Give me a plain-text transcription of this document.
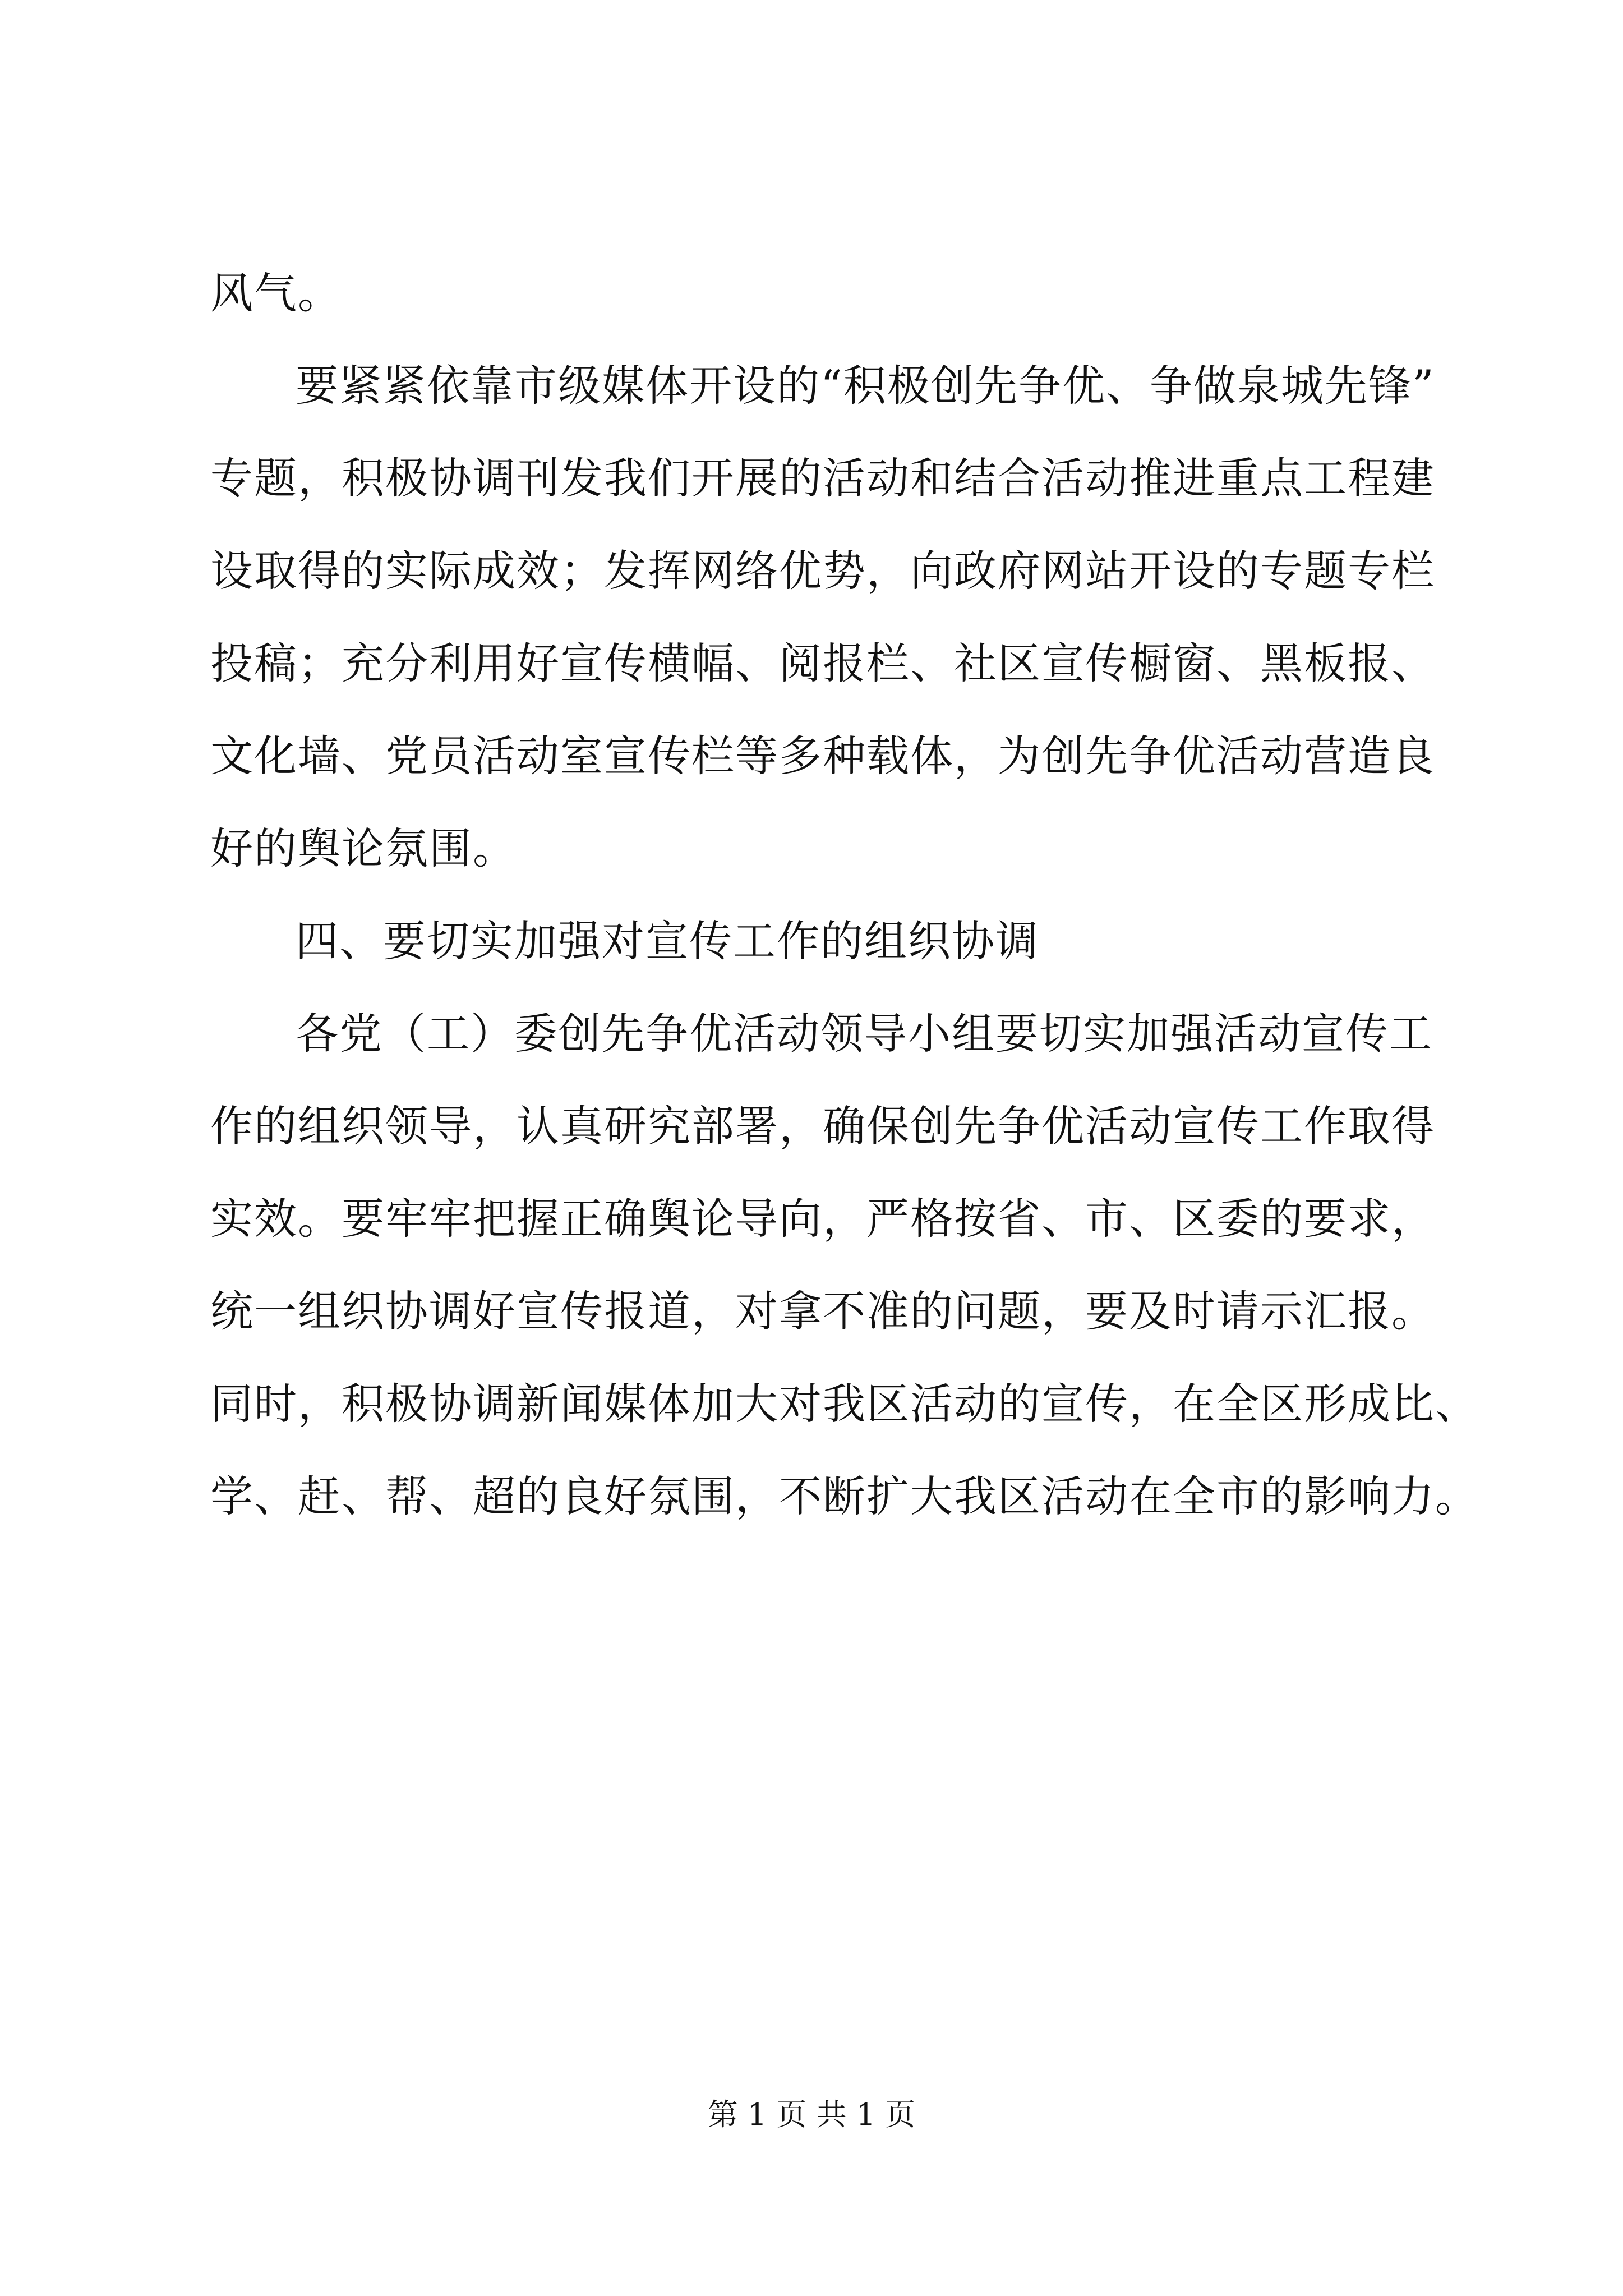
风气。
要紧紧依靠市级媒体开设的“积极创先争优、争做泉城先锋”
专题，积极协调刊发我们开展的活动和结合活动推进重点工程建
设取得的实际成效；发挥网络优势，向政府网站开设的专题专栏
投稿；充分利用好宣传横幅、阅报栏、社区宣传橱窗、黑板报、
文化墙、党员活动室宣传栏等多种载体，为创先争优活动营造良
好的舆论氛围。
四、要切实加强对宣传工作的组织协调
各党（工）委创先争优活动领导小组要切实加强活动宣传工
作的组织领导，认真研究部署，确保创先争优活动宣传工作取得
实效。要牢牢把握正确舆论导向，严格按省、市、区委的要求，
统一组织协调好宣传报道，对拿不准的问题，要及时请示汇报。
同时，积极协调新闻媒体加大对我区活动的宣传，在全区形成比、
学、赶、帮、超的良好氛围，不断扩大我区活动在全市的影响力。
第 1 页 共 1 页
